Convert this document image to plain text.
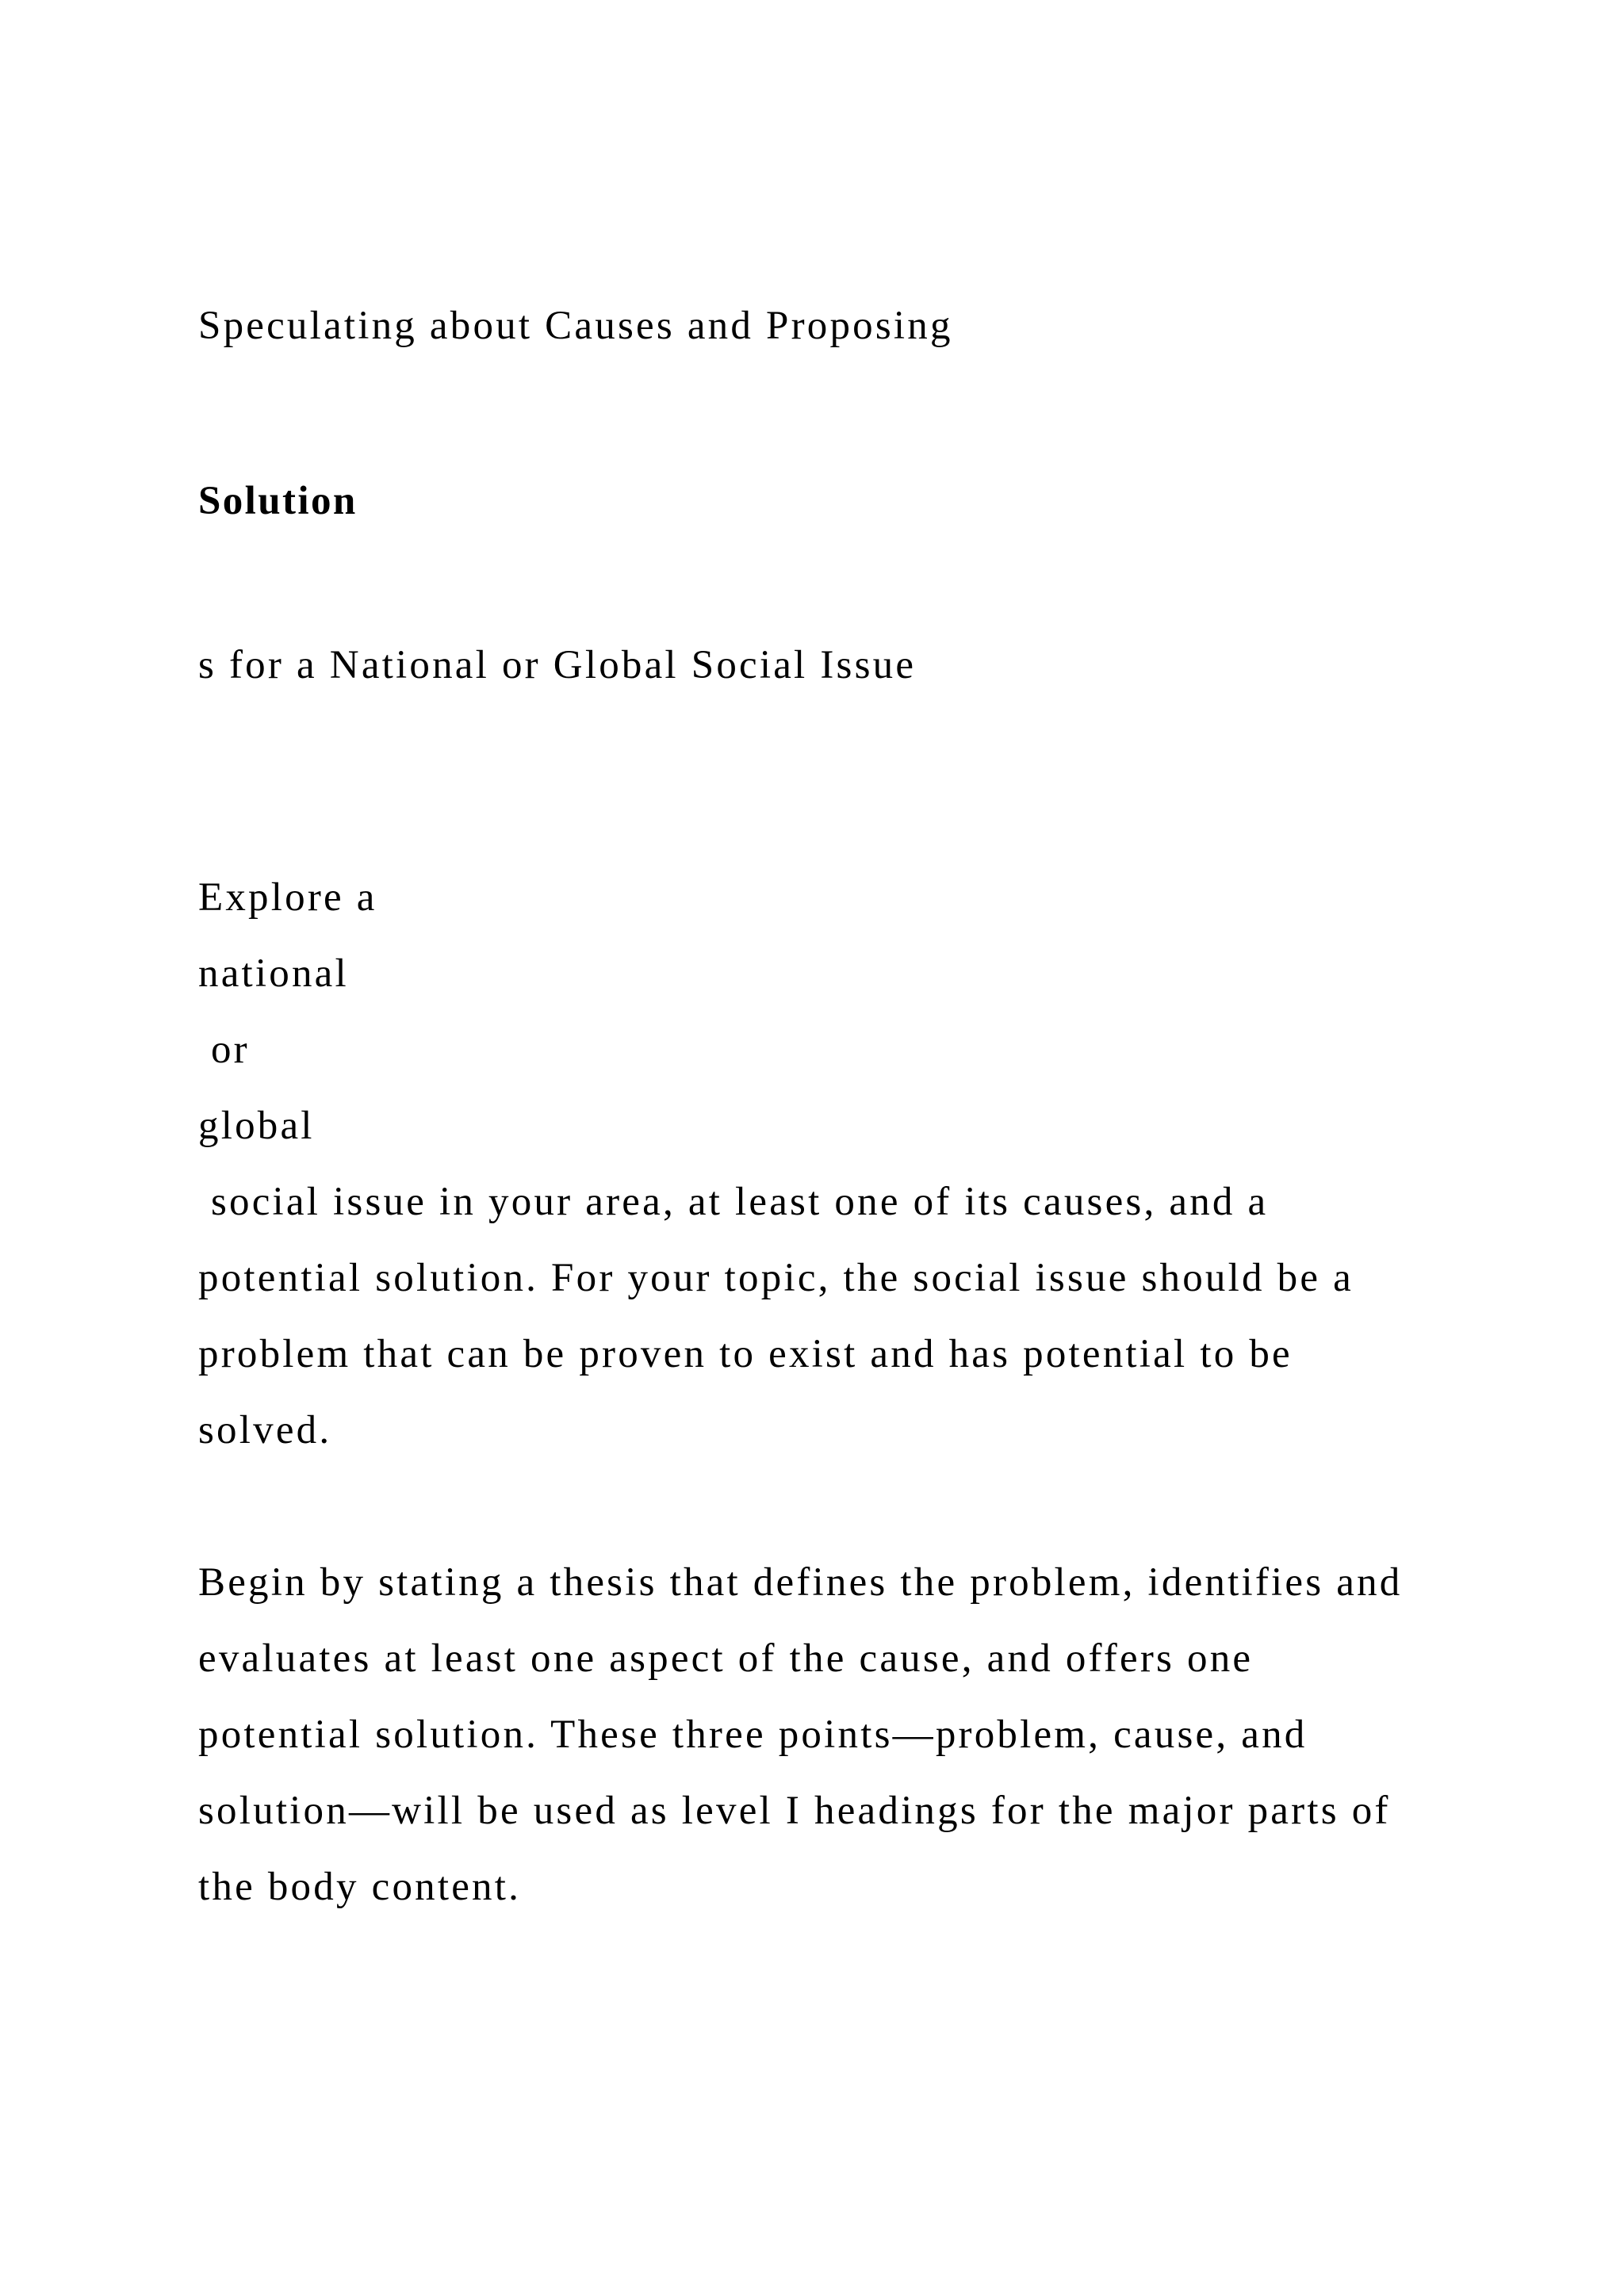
Speculating about Causes and Proposing
Solution
s for a National or Global Social Issue
Explore a
national
or
global
social issue in your area, at least one of its causes, and a
potential solution. For your topic, the social issue should be a
problem that can be proven to exist and has potential to be
solved.
Begin by stating a thesis that defines the problem, identifies and
evaluates at least one aspect of the cause, and offers one
potential solution. These three points—problem, cause, and
solution—will be used as level I headings for the major parts of
the body content.
